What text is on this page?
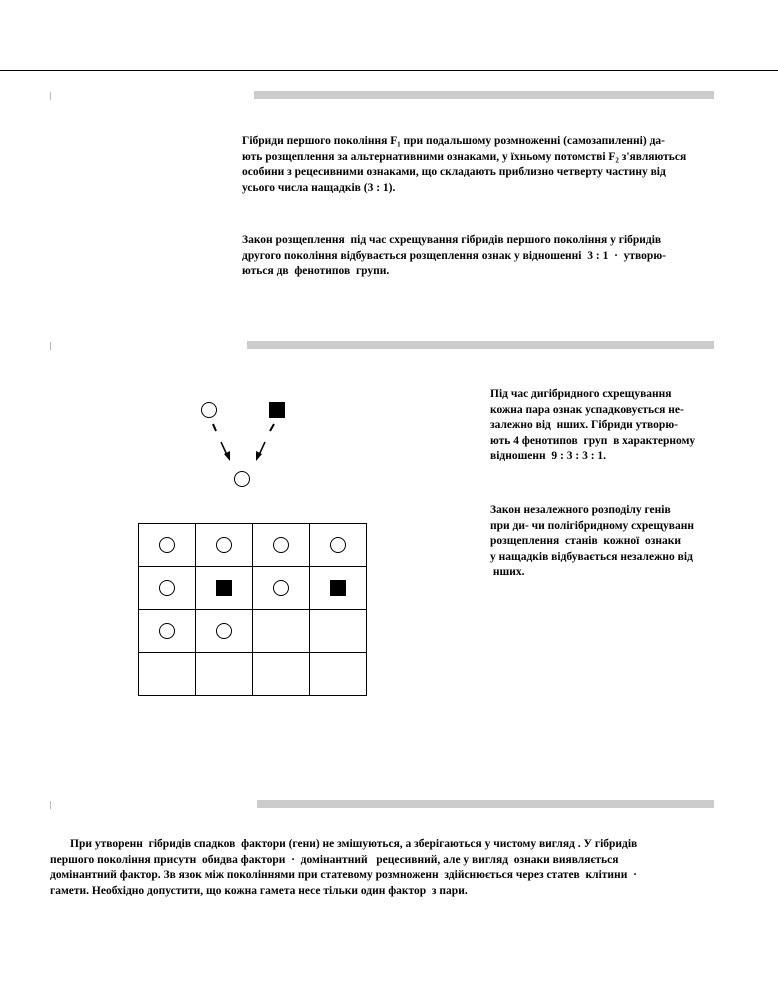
Гібриди першого покоління F₁ при подальшому розмноженні (самозапиленні) да-
ють розщеплення за альтернативними ознаками, у їхньому потомстві F₂ з'являються
особини з рецесивними ознаками, що складають приблизно четверту частину від
усього числа нащадків (3 : 1).
Закон розщеплення  під час схрещування гібридів першого покоління у гібридів
другого покоління відбувається розщеплення ознак у відношенні  3 : 1  ·  утворю-
ються дв  фенотипов  групи.

Під час дигібридного схрещування
кожна пара ознак успадковується не-
залежно від  нших. Гібриди утворю-
ють 4 фенотипов  груп  в характерному
відношенн  9 : 3 : 3 : 1.
Закон незалежного розподілу генів
при ди- чи полігібридному схрещуванн
розщеплення  станів  кожної  ознаки
у нащадків відбувається незалежно від
нших.
При утворенн  гібридів спадков  фактори (гени) не змішуються, а зберігаються у чистому вигляд . У гібридів
першого покоління присутн  обидва фактори  ·  домінантний   рецесивний, але у вигляд  ознаки виявляється
домінантний фактор. Зв язок між поколіннями при статевому розмноженн  здійснюється через статев  клітини  ·
гамети. Необхідно допустити, що кожна гамета несе тільки один фактор  з пари.
